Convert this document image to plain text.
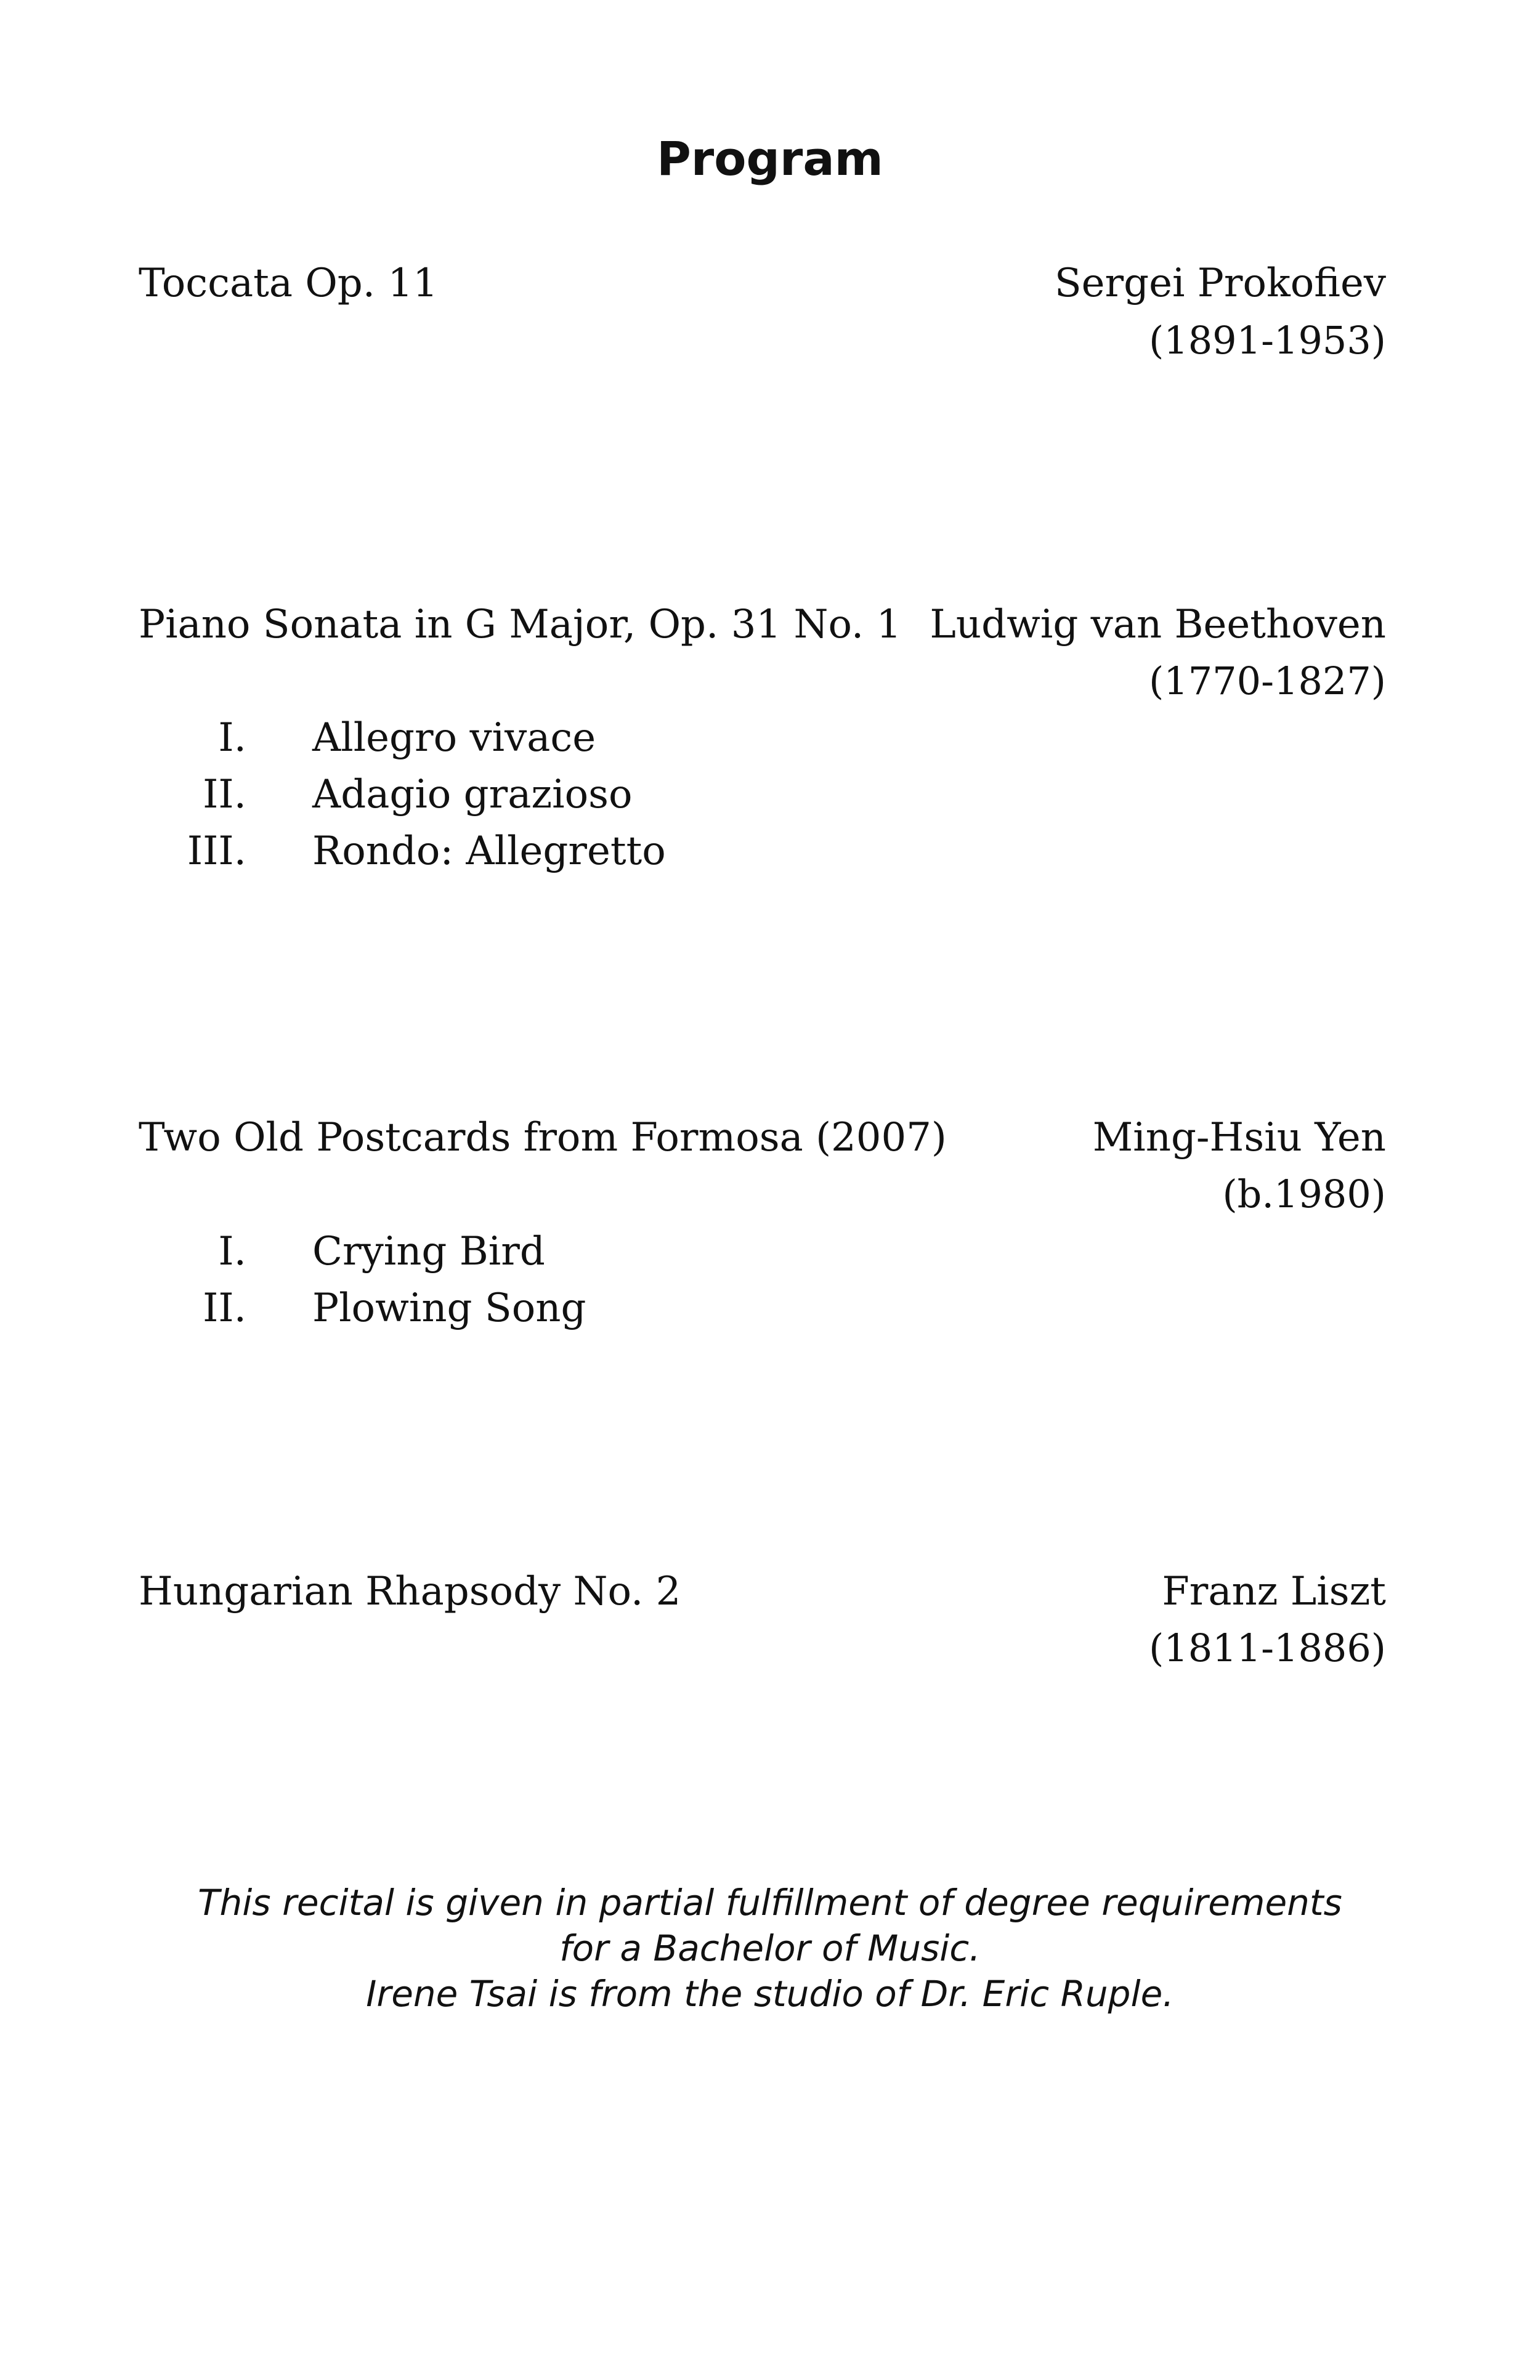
Program
Toccata Op. 11	Sergei Prokofiev
(1891-1953)
Piano Sonata in G Major, Op. 31 No. 1 Ludwig van Beethoven
(1770-1827)
I. Allegro vivace
II. Adagio grazioso
III. Rondo: Allegretto
Two Old Postcards from Formosa (2007)	Ming-Hsiu Yen
(b.1980)
I. Crying Bird
II. Plowing Song
Hungarian Rhapsody No. 2	Franz Liszt
(1811-1886)
This recital is given in partial fulfillment of degree requirements
for a Bachelor of Music.
Irene Tsai is from the studio of Dr. Eric Ruple.
